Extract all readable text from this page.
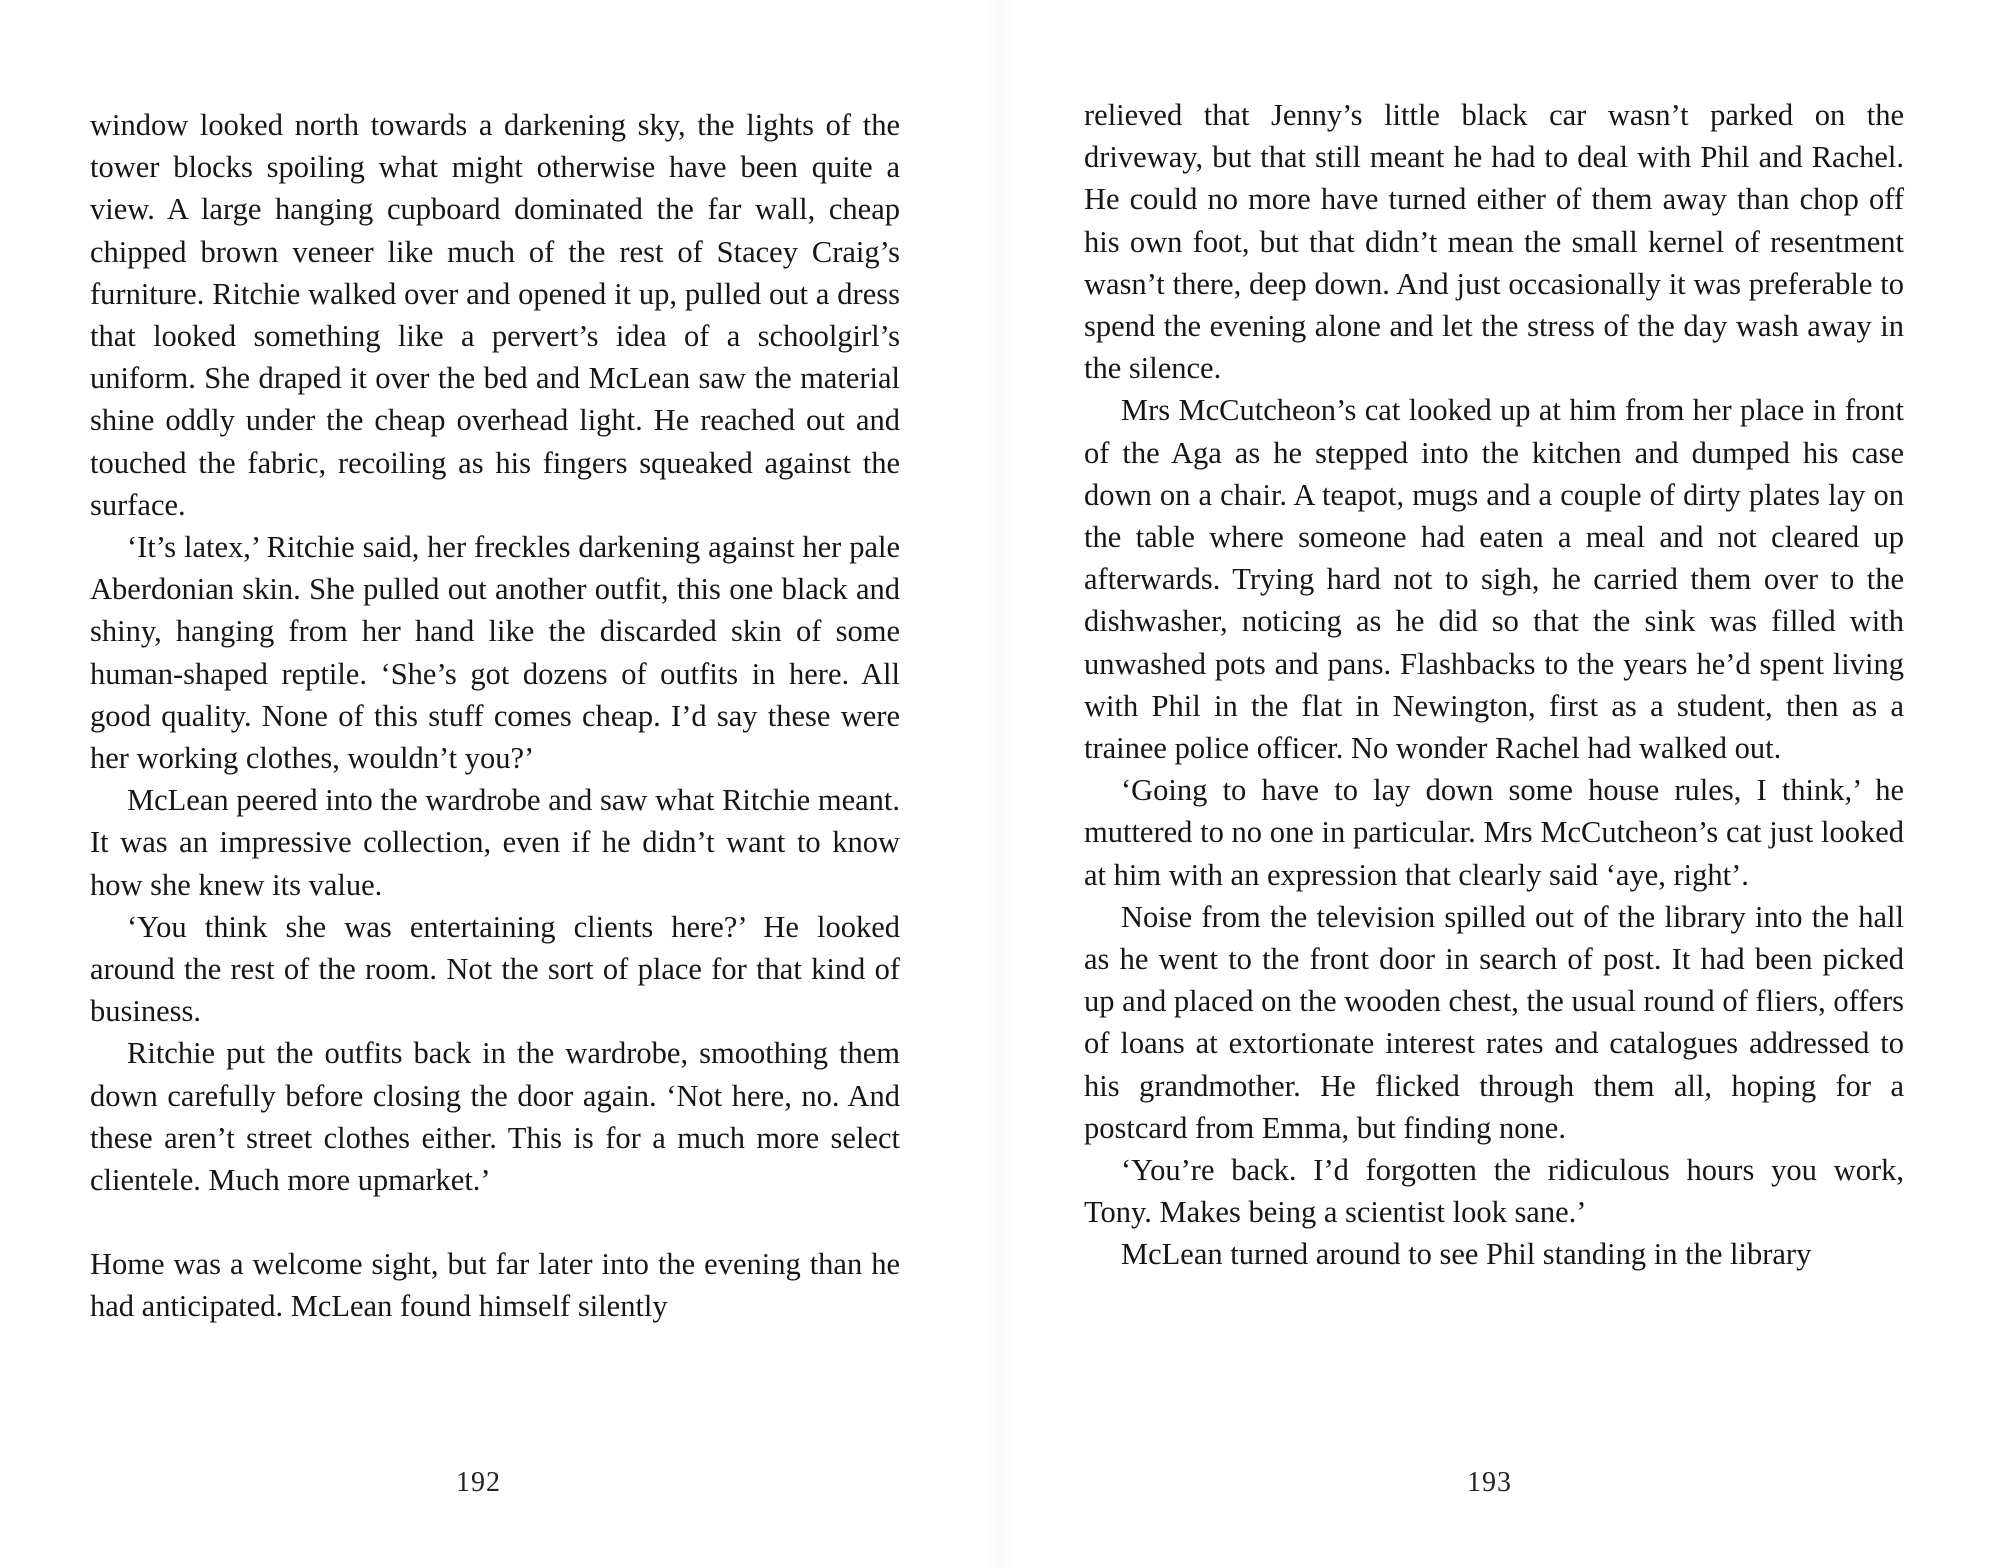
window looked north towards a darkening sky, the lights of the tower blocks spoiling what might otherwise have been quite a view. A large hanging cupboard dominated the far wall, cheap chipped brown veneer like much of the rest of Stacey Craig’s furniture. Ritchie walked over and opened it up, pulled out a dress that looked something like a pervert’s idea of a schoolgirl’s uniform. She draped it over the bed and McLean saw the material shine oddly under the cheap overhead light. He reached out and touched the fabric, recoiling as his fingers squeaked against the surface.

‘It’s latex,’ Ritchie said, her freckles darkening against her pale Aberdonian skin. She pulled out another outfit, this one black and shiny, hanging from her hand like the discarded skin of some human-shaped reptile. ‘She’s got dozens of outfits in here. All good quality. None of this stuff comes cheap. I’d say these were her working clothes, wouldn’t you?’

McLean peered into the wardrobe and saw what Ritchie meant. It was an impressive collection, even if he didn’t want to know how she knew its value.

‘You think she was entertaining clients here?’ He looked around the rest of the room. Not the sort of place for that kind of business.

Ritchie put the outfits back in the wardrobe, smoothing them down carefully before closing the door again. ‘Not here, no. And these aren’t street clothes either. This is for a much more select clientele. Much more upmarket.’

Home was a welcome sight, but far later into the evening than he had anticipated. McLean found himself silently

relieved that Jenny’s little black car wasn’t parked on the driveway, but that still meant he had to deal with Phil and Rachel. He could no more have turned either of them away than chop off his own foot, but that didn’t mean the small kernel of resentment wasn’t there, deep down. And just occasionally it was preferable to spend the evening alone and let the stress of the day wash away in the silence.

Mrs McCutcheon’s cat looked up at him from her place in front of the Aga as he stepped into the kitchen and dumped his case down on a chair. A teapot, mugs and a couple of dirty plates lay on the table where someone had eaten a meal and not cleared up afterwards. Trying hard not to sigh, he carried them over to the dishwasher, noticing as he did so that the sink was filled with unwashed pots and pans. Flashbacks to the years he’d spent living with Phil in the flat in Newington, first as a student, then as a trainee police officer. No wonder Rachel had walked out.

‘Going to have to lay down some house rules, I think,’ he muttered to no one in particular. Mrs McCutcheon’s cat just looked at him with an expression that clearly said ‘aye, right’.

Noise from the television spilled out of the library into the hall as he went to the front door in search of post. It had been picked up and placed on the wooden chest, the usual round of fliers, offers of loans at extortionate interest rates and catalogues addressed to his grandmother. He flicked through them all, hoping for a postcard from Emma, but finding none.

‘You’re back. I’d forgotten the ridiculous hours you work, Tony. Makes being a scientist look sane.’

McLean turned around to see Phil standing in the library

192	193
